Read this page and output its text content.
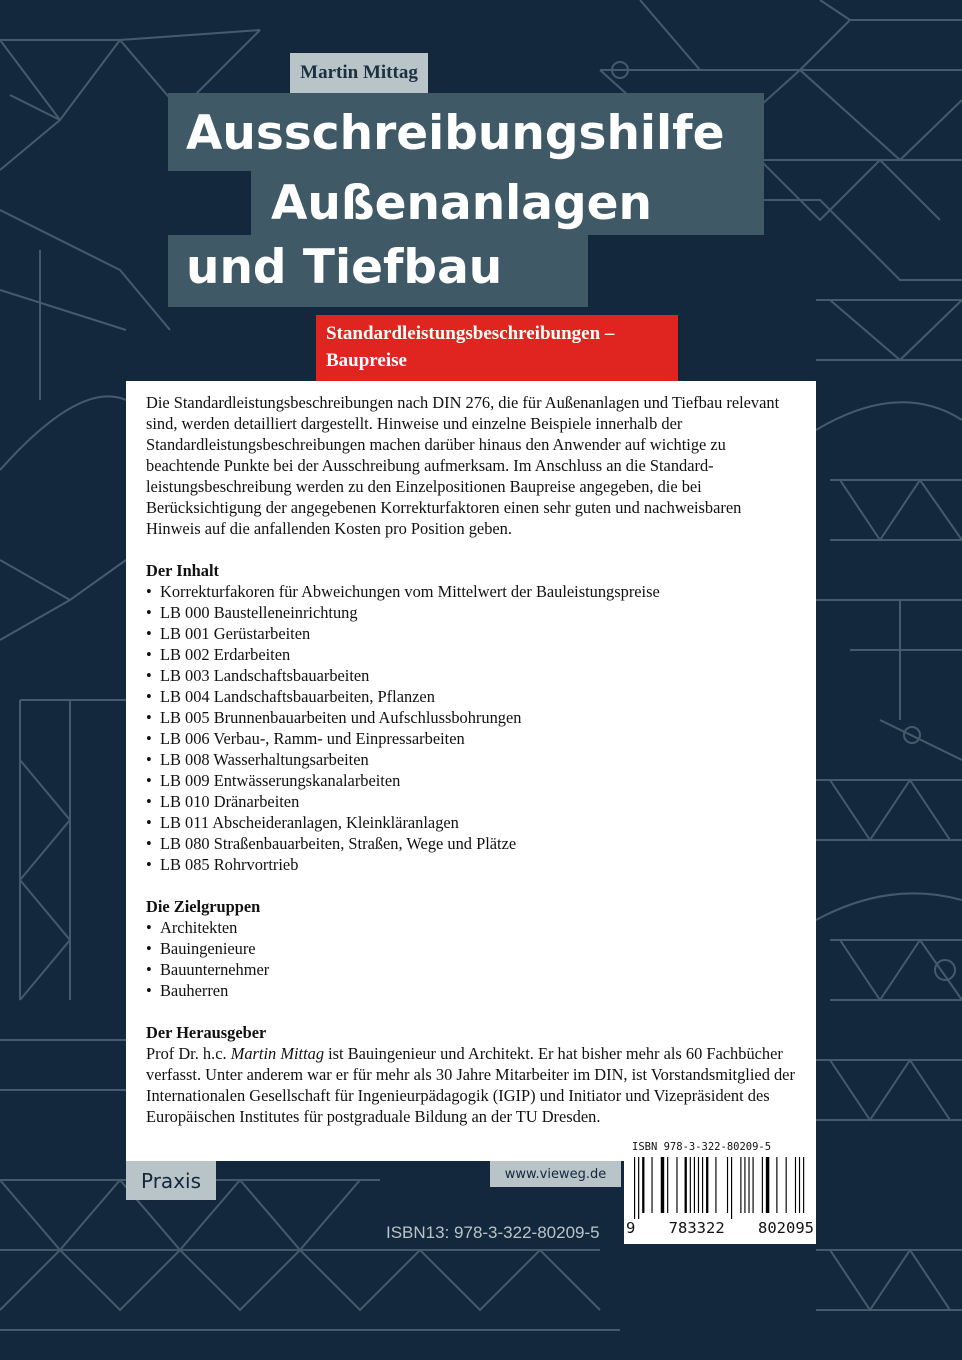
Martin Mittag
Ausschreibungshilfe
Außenanlagen
und Tiefbau
Standardleistungsbeschreibungen –
Baupreise

Die Standardleistungsbeschreibungen nach DIN 276, die für Außenanlagen und Tiefbau relevant sind, werden detailliert dargestellt. Hinweise und einzelne Beispiele innerhalb der Standardleistungsbeschreibungen machen darüber hinaus den Anwender auf wichtige zu beachtende Punkte bei der Ausschreibung aufmerksam. Im Anschluss an die Standard-leistungsbeschreibung werden zu den Einzelpositionen Baupreise angegeben, die bei Berücksichtigung der angegebenen Korrekturfaktoren einen sehr guten und nachweisbaren Hinweis auf die anfallenden Kosten pro Position geben.

Der Inhalt
• Korrekturfakoren für Abweichungen vom Mittelwert der Bauleistungspreise
• LB 000 Baustelleneinrichtung
• LB 001 Gerüstarbeiten
• LB 002 Erdarbeiten
• LB 003 Landschaftsbauarbeiten
• LB 004 Landschaftsbauarbeiten, Pflanzen
• LB 005 Brunnenbauarbeiten und Aufschlussbohrungen
• LB 006 Verbau-, Ramm- und Einpressarbeiten
• LB 008 Wasserhaltungsarbeiten
• LB 009 Entwässerungskanalarbeiten
• LB 010 Dränarbeiten
• LB 011 Abscheideranlagen, Kleinkläranlagen
• LB 080 Straßenbauarbeiten, Straßen, Wege und Plätze
• LB 085 Rohrvortrieb
Die Zielgruppen
• Architekten
• Bauingenieure
• Bauunternehmer
• Bauherren
Der Herausgeber

Prof Dr. h.c. Martin Mittag ist Bauingenieur und Architekt. Er hat bisher mehr als 60 Fachbücher verfasst. Unter anderem war er für mehr als 30 Jahre Mitarbeiter im DIN, ist Vorstandsmitglied der Internationalen Gesellschaft für Ingenieurpädagogik (IGIP) und Initiator und Vizepräsident des Europäischen Institutes für postgraduale Bildung an der TU Dresden.

Praxis	www.vieweg.de
ISBN13: 978-3-322-80209-5
ISBN 978-3-322-80209-5
9 783322 802095
